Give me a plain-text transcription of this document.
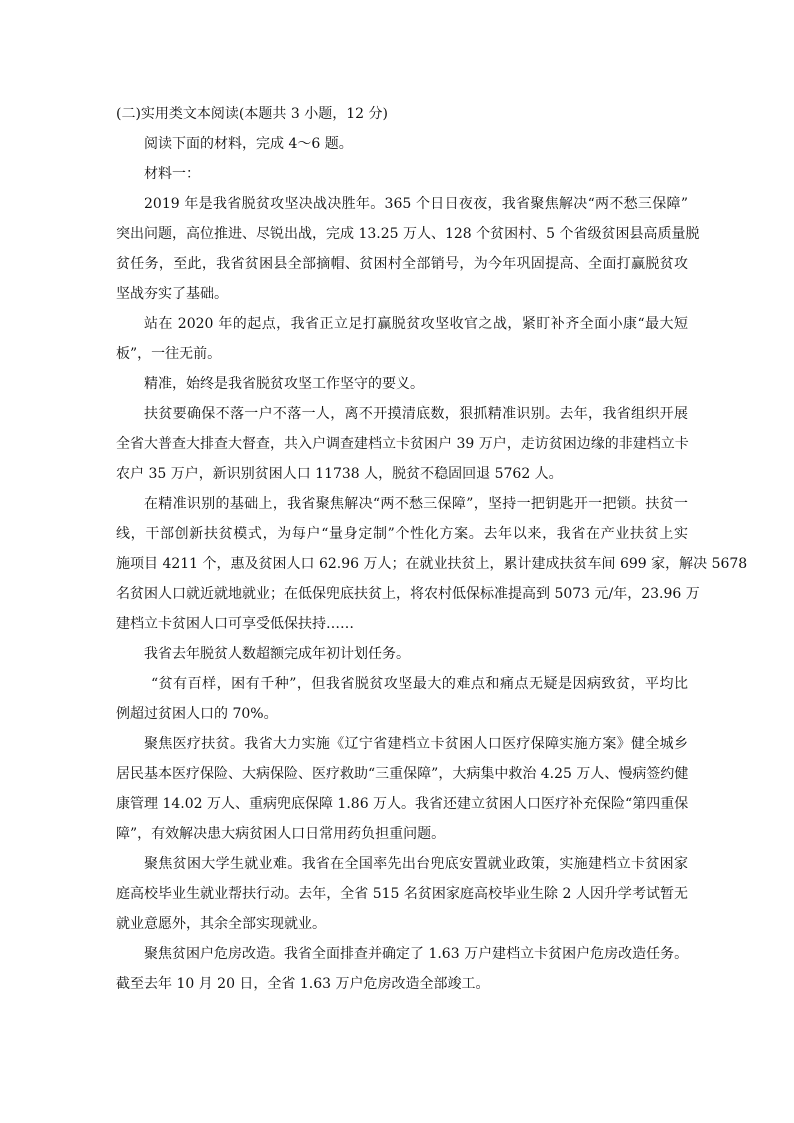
(二)实用类文本阅读(本题共 3 小题，12 分)

阅读下面的材料，完成 4～6 题。

材料一：

2019 年是我省脱贫攻坚决战决胜年。365 个日日夜夜，我省聚焦解决“两不愁三保障”

突出问题，高位推进、尽锐出战，完成 13.25 万人、128 个贫困村、5 个省级贫困县高质量脱

贫任务，至此，我省贫困县全部摘帽、贫困村全部销号，为今年巩固提高、全面打赢脱贫攻

坚战夯实了基础。

站在 2020 年的起点，我省正立足打赢脱贫攻坚收官之战，紧盯补齐全面小康“最大短

板”，一往无前。

精准，始终是我省脱贫攻坚工作坚守的要义。

扶贫要确保不落一户不落一人，离不开摸清底数，狠抓精准识别。去年，我省组织开展

全省大普查大排查大督查，共入户调查建档立卡贫困户 39 万户，走访贫困边缘的非建档立卡

农户 35 万户，新识别贫困人口 11738 人，脱贫不稳固回退 5762 人。

在精准识别的基础上，我省聚焦解决“两不愁三保障”，坚持一把钥匙开一把锁。扶贫一

线，干部创新扶贫模式，为每户“量身定制”个性化方案。去年以来，我省在产业扶贫上实

施项目 4211 个，惠及贫困人口 62.96 万人；在就业扶贫上，累计建成扶贫车间 699 家，解决 5678

名贫困人口就近就地就业；在低保兜底扶贫上，将农村低保标准提高到 5073 元/年，23.96 万

建档立卡贫困人口可享受低保扶持……

我省去年脱贫人数超额完成年初计划任务。

“贫有百样，困有千种”，但我省脱贫攻坚最大的难点和痛点无疑是因病致贫，平均比

例超过贫困人口的 70%。

聚焦医疗扶贫。我省大力实施《辽宁省建档立卡贫困人口医疗保障实施方案》健全城乡

居民基本医疗保险、大病保险、医疗救助“三重保障”，大病集中救治 4.25 万人、慢病签约健

康管理 14.02 万人、重病兜底保障 1.86 万人。我省还建立贫困人口医疗补充保险“第四重保

障”，有效解决患大病贫困人口日常用药负担重问题。

聚焦贫困大学生就业难。我省在全国率先出台兜底安置就业政策，实施建档立卡贫困家

庭高校毕业生就业帮扶行动。去年，全省 515 名贫困家庭高校毕业生除 2 人因升学考试暂无

就业意愿外，其余全部实现就业。

聚焦贫困户危房改造。我省全面排查并确定了 1.63 万户建档立卡贫困户危房改造任务。

截至去年 10 月 20 日，全省 1.63 万户危房改造全部竣工。
